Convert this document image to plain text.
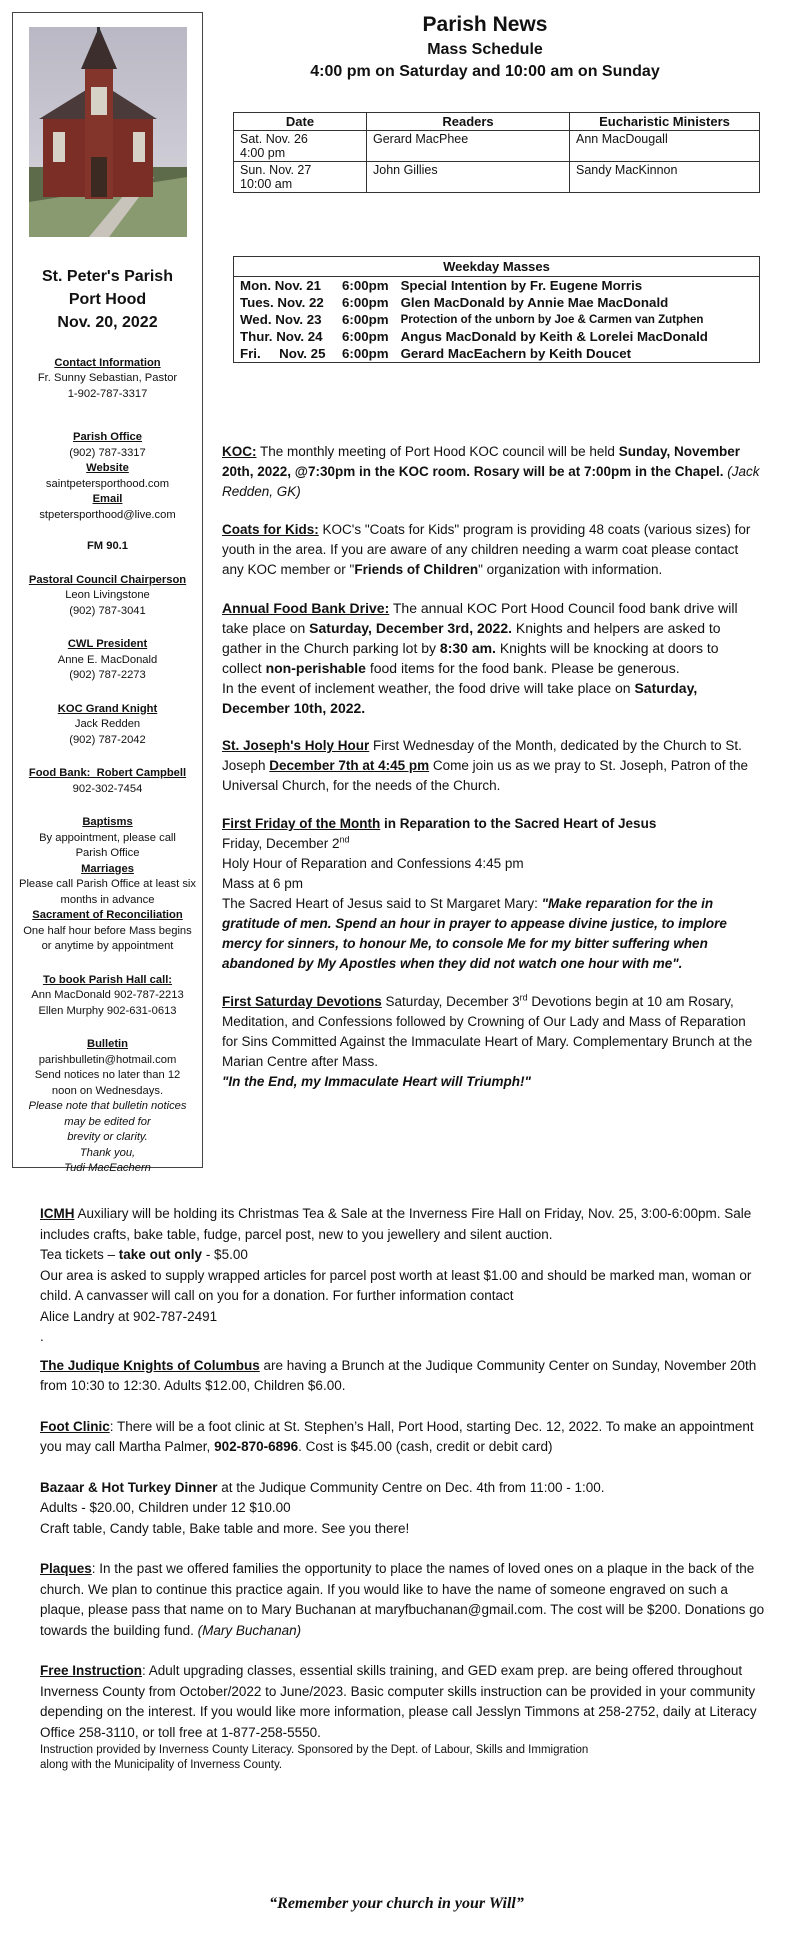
St. Peter's Parish
Port Hood
Nov. 20, 2022
Contact Information
Fr. Sunny Sebastian, Pastor
1-902-787-3317
Parish Office
(902) 787-3317
Website
saintpetersporthood.com
Email
stpetersporthood@live.com
FM 90.1
Pastoral Council Chairperson
Leon Livingstone
(902) 787-3041
CWL President
Anne E. MacDonald
(902) 787-2273
KOC Grand Knight
Jack Redden
(902) 787-2042
Food Bank: Robert Campbell
902-302-7454
Baptisms
By appointment, please call
Parish Office
Marriages
Please call Parish Office at least six
months in advance
Sacrament of Reconciliation
One half hour before Mass begins
or anytime by appointment
To book Parish Hall call:
Ann MacDonald 902-787-2213
Ellen Murphy 902-631-0613
Bulletin
parishbulletin@hotmail.com
Send notices no later than 12
noon on Wednesdays.
Please note that bulletin notices
may be edited for
brevity or clarity.
Thank you,
Tudi MacEachern
Parish News
Mass Schedule
4:00 pm on Saturday and 10:00 am on Sunday
Date	Readers	Eucharistic Ministers

Sat. Nov. 26
4:00 pm	Gerard MacPhee	Ann MacDougall

Sun. Nov. 27
10:00 am	John Gillies	Sandy MacKinnon
Weekday Masses		
Mon. Nov. 21	6:00pm	Special Intention by Fr. Eugene Morris
Tues. Nov. 22	6:00pm	Glen MacDonald by Annie Mae MacDonald
Wed. Nov. 23	6:00pm	Protection of the unborn by Joe & Carmen van Zutphen
Thur. Nov. 24	6:00pm	Angus MacDonald by Keith & Lorelei MacDonald
Fri.     Nov. 25	6:00pm	Gerard MacEachern by Keith Doucet

KOC: The monthly meeting of Port Hood KOC council will be held Sunday, November 20th, 2022, @7:30pm in the KOC room. Rosary will be at 7:00pm in the Chapel. (Jack Redden, GK)

Coats for Kids: KOC's "Coats for Kids" program is providing 48 coats (various sizes) for youth in the area. If you are aware of any children needing a warm coat please contact any KOC member or "Friends of Children" organization with information.

Annual Food Bank Drive: The annual KOC Port Hood Council food bank drive will take place on Saturday, December 3rd, 2022. Knights and helpers are asked to gather in the Church parking lot by 8:30 am. Knights will be knocking at doors to collect non-perishable food items for the food bank. Please be generous.
In the event of inclement weather, the food drive will take place on Saturday, December 10th, 2022.

St. Joseph's Holy Hour First Wednesday of the Month, dedicated by the Church to St. Joseph December 7th at 4:45 pm Come join us as we pray to St. Joseph, Patron of the Universal Church, for the needs of the Church.

First Friday of the Month in Reparation to the Sacred Heart of Jesus
Friday, December 2nd
Holy Hour of Reparation and Confessions 4:45 pm
Mass at 6 pm
The Sacred Heart of Jesus said to St Margaret Mary: "Make reparation for the in gratitude of men. Spend an hour in prayer to appease divine justice, to implore mercy for sinners, to honour Me, to console Me for my bitter suffering when abandoned by My Apostles when they did not watch one hour with me".

First Saturday Devotions Saturday, December 3rd Devotions begin at 10 am Rosary, Meditation, and Confessions followed by Crowning of Our Lady and Mass of Reparation for Sins Committed Against the Immaculate Heart of Mary. Complementary Brunch at the Marian Centre after Mass.
"In the End, my Immaculate Heart will Triumph!"

ICMH Auxiliary will be holding its Christmas Tea & Sale at the Inverness Fire Hall on Friday, Nov. 25, 3:00-6:00pm. Sale includes crafts, bake table, fudge, parcel post, new to you jewellery and silent auction.
Tea tickets – take out only - $5.00
Our area is asked to supply wrapped articles for parcel post worth at least $1.00 and should be marked man, woman or child. A canvasser will call on you for a donation. For further information contact
Alice Landry at 902-787-2491
.

The Judique Knights of Columbus are having a Brunch at the Judique Community Center on Sunday, November 20th from 10:30 to 12:30. Adults $12.00, Children $6.00.

Foot Clinic: There will be a foot clinic at St. Stephen’s Hall, Port Hood, starting Dec. 12, 2022. To make an appointment you may call Martha Palmer, 902-870-6896. Cost is $45.00 (cash, credit or debit card)

Bazaar & Hot Turkey Dinner at the Judique Community Centre on Dec. 4th from 11:00 - 1:00.
Adults - $20.00, Children under 12 $10.00
Craft table, Candy table, Bake table and more. See you there!

Plaques: In the past we offered families the opportunity to place the names of loved ones on a plaque in the back of the church. We plan to continue this practice again. If you would like to have the name of someone engraved on such a plaque, please pass that name on to Mary Buchanan at maryfbuchanan@gmail.com. The cost will be $200. Donations go towards the building fund. (Mary Buchanan)

Free Instruction: Adult upgrading classes, essential skills training, and GED exam prep. are being offered throughout Inverness County from October/2022 to June/2023. Basic computer skills instruction can be provided in your community depending on the interest. If you would like more information, please call Jesslyn Timmons at 258-2752, daily at Literacy Office 258-3110, or toll free at 1-877-258-5550.

Instruction provided by Inverness County Literacy. Sponsored by the Dept. of Labour, Skills and Immigration
along with the Municipality of Inverness County.
“Remember your church in your Will”
